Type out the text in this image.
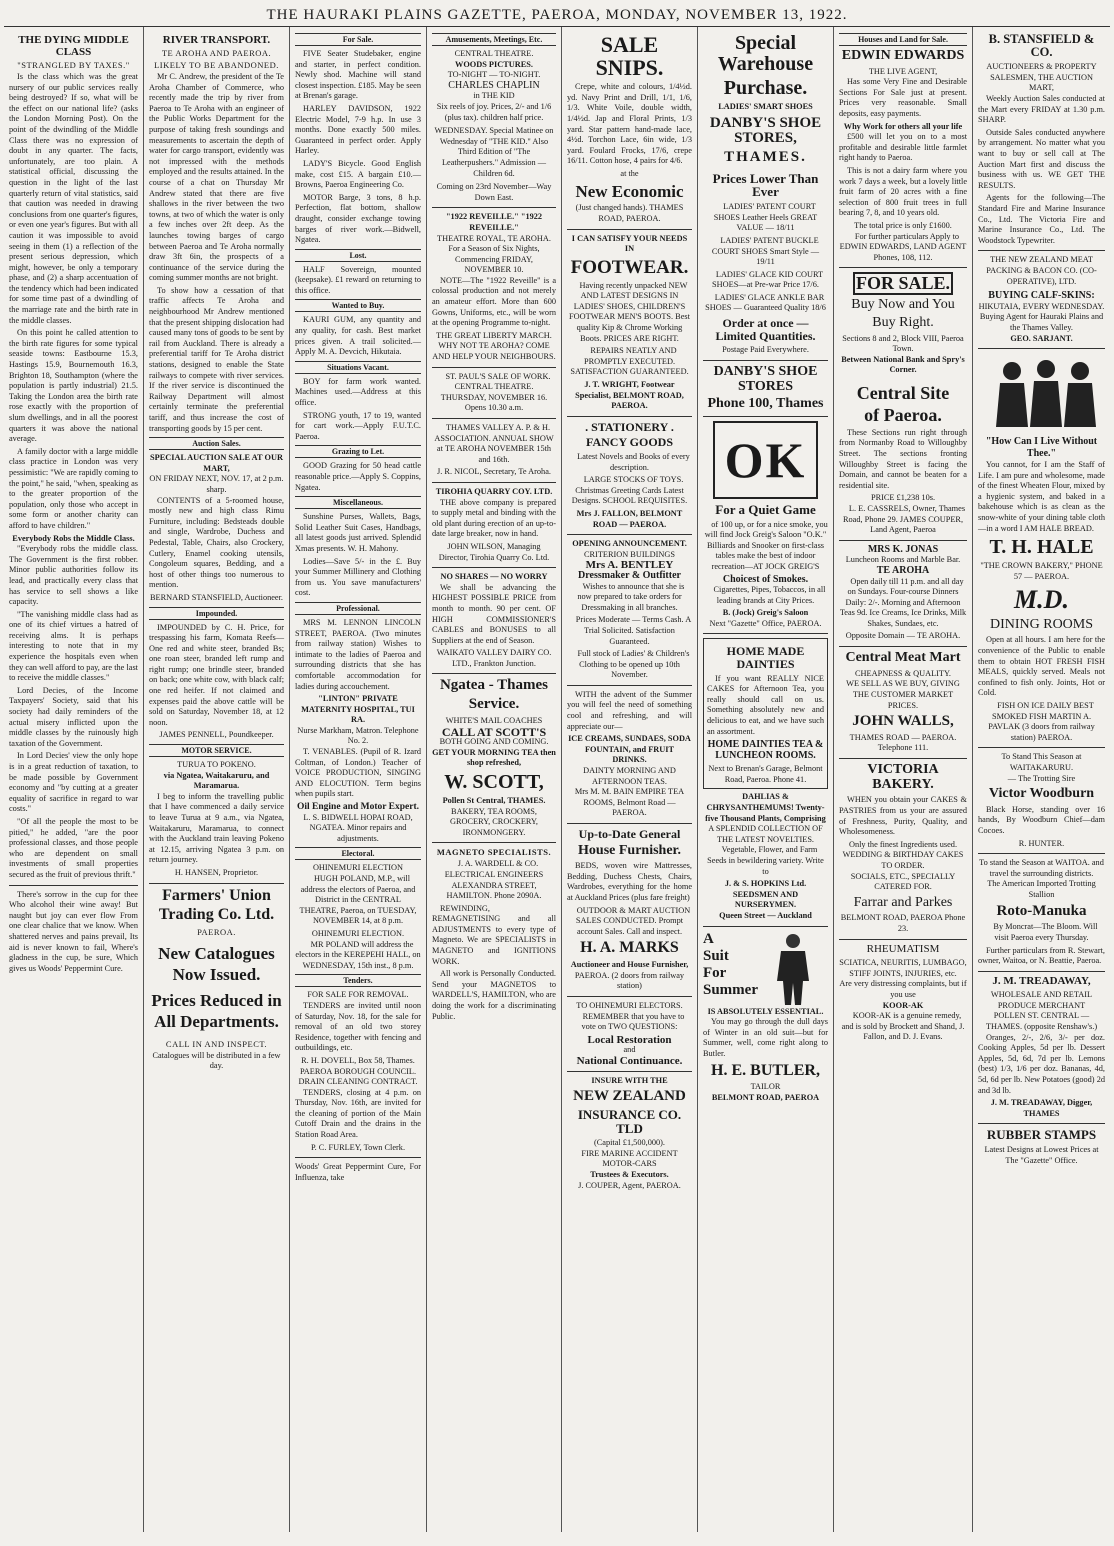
THE HAURAKI PLAINS GAZETTE, PAEROA, MONDAY, NOVEMBER 13, 1922.
THE DYING MIDDLE CLASS
"STRANGLED BY TAXES."

Is the class which was the great nursery of our public services really being destroyed? If so, what will be the effect on our national life? (asks the London Morning Post). On the point of the dwindling of the Middle Class there was no expression of doubt in any quarter. The facts, unfortunately, are too plain. A statistical official, discussing the question in the light of the last quarterly return of vital statistics, said that caution was needed in drawing conclusions from one quarter's figures, or even one year's figures. But with all caution it was impossible to avoid seeing in them (1) a reflection of the present serious depression, which might, however, be only a temporary phase, and (2) a sharp accentuation of the tendency which had been indicated for some time past of a dwindling of the marriage rate and the birth rate in the middle classes.

On this point he called attention to the birth rate figures for some typical seaside towns: Eastbourne 15.3, Hastings 15.9, Bournemouth 16.3, Brighton 18, Southampton (where the population is partly industrial) 21.5. Taking the London area the birth rate rose exactly with the proportion of slum dwellings, and in all the poorest quarters it was above the national average.

A family doctor with a large middle class practice in London was very pessimistic: "We are rapidly coming to the point," he said, "when, speaking as to the greater proportion of the population, only those who accept in some form or another charity can afford to have children."

Everybody Robs the Middle Class.

"Everybody robs the middle class. The Government is the first robber. Minor public authorities follow its lead, and practically every class that has service to sell shows a like capacity.

"The vanishing middle class had as one of its chief virtues a hatred of receiving alms. It is perhaps interesting to note that in my experience the hospitals even when they can well afford to pay, are the last to receive the middle classes."

Lord Decies, of the Income Taxpayers' Society, said that his society had daily reminders of the actual misery inflicted upon the middle classes by the ruinously high taxation of the Government.

In Lord Decies' view the only hope is in a great reduction of taxation, to be made possible by Government economy and "by cutting at a greater equality of sacrifice in regard to war costs."

"Of all the people the most to be pitied," he added, "are the poor professional classes, and those people who are dependent on small investments of small properties secured as the fruit of previous thrift."

There's sorrow in the cup for thee Who alcohol their wine away! But naught but joy can ever flow From one clear chalice that we know. When shattered nerves and pains prevail, Its aid is never known to fail, Where's gladness in the cup, be sure, Which gives us Woods' Peppermint Cure.

RIVER TRANSPORT.
TE AROHA AND PAEROA.
LIKELY TO BE ABANDONED.

Mr C. Andrew, the president of the Te Aroha Chamber of Commerce, who recently made the trip by river from Paeroa to Te Aroha with an engineer of the Public Works Department for the purpose of taking fresh soundings and measurements to ascertain the depth of water for cargo transport, evidently was not impressed with the methods employed and the results attained. In the course of a chat on Thursday Mr Andrew stated that there are five shallows in the river between the two towns, at two of which the water is only a few inches over 2ft deep. As the launches towing barges of cargo between Paeroa and Te Aroha normally draw 3ft 6in, the prospects of a continuance of the service during the coming summer months are not bright.

To show how a cessation of that traffic affects Te Aroha and neighbourhood Mr Andrew mentioned that the present shipping dislocation had caused many tons of goods to be sent by rail from Auckland. There is already a preferential tariff for Te Aroha district stations, designed to enable the State railways to compete with river services. If the river service is discontinued the Railway Department will almost certainly terminate the preferential tariff, and thus increase the cost of transporting goods by 15 per cent.

Auction Sales.
SPECIAL AUCTION SALE AT OUR MART,
ON FRIDAY NEXT, NOV. 17, at 2 p.m. sharp.

CONTENTS of a 5-roomed house, mostly new and high class Rimu Furniture, including: Bedsteads double and single, Wardrobe, Duchess and Pedestal, Table, Chairs, also Crockery, Cutlery, Enamel cooking utensils, Congoleum squares, Bedding, and a host of other things too numerous to mention.

BERNARD STANSFIELD, Auctioneer.
Impounded.

IMPOUNDED by C. H. Price, for trespassing his farm, Komata Reefs—One red and white steer, branded Bs; one roan steer, branded left rump and right rump; one brindle steer, branded on back; one white cow, with black calf; one red heifer. If not claimed and expenses paid the above cattle will be sold on Saturday, November 18, at 12 noon.

JAMES PENNELL, Poundkeeper.
MOTOR SERVICE.
TURUA TO POKENO.
via Ngatea, Waitakaruru, and Maramarua.

I beg to inform the travelling public that I have commenced a daily service to leave Turua at 9 a.m., via Ngatea, Waitakaruru, Maramarua, to connect with the Auckland train leaving Pokeno at 12.15, arriving Ngatea 3 p.m. on return journey.

H. HANSEN, Proprietor.
Farmers' Union
Trading Co. Ltd.
PAEROA.
New Catalogues
Now Issued.
Prices Reduced in
All Departments.
CALL IN AND INSPECT.
Catalogues will be distributed in a few day.
For Sale.

FIVE Seater Studebaker, engine and starter, in perfect condition. Newly shod. Machine will stand closest inspection. £185. May be seen at Brenan's garage.

HARLEY DAVIDSON, 1922 Electric Model, 7-9 h.p. In use 3 months. Done exactly 500 miles. Guaranteed in perfect order. Apply Harley.

LADY'S Bicycle. Good English make, cost £15. A bargain £10.—Browns, Paeroa Engineering Co.

MOTOR Barge, 3 tons, 8 h.p. Perfection, flat bottom, shallow draught, consider exchange towing barges of river work.—Bidwell, Ngatea.

Lost.

HALF Sovereign, mounted (keepsake). £1 reward on returning to this office.

Wanted to Buy.

KAURI GUM, any quantity and any quality, for cash. Best market prices given. A trail solicited.—Apply M. A. Devcich, Hikutaia.

Situations Vacant.

BOY for farm work wanted. Machines used.—Address at this office.

STRONG youth, 17 to 19, wanted for cart work.—Apply F.U.T.C. Paeroa.

Grazing to Let.

GOOD Grazing for 50 head cattle reasonable price.—Apply S. Coppins, Ngatea.

Miscellaneous.

Sunshine Purses, Wallets, Bags, Solid Leather Suit Cases, Handbags, all latest goods just arrived. Splendid Xmas presents. W. H. Mahony.

Lodies—Save 5/- in the £. Buy your Summer Millinery and Clothing from us. You save manufacturers' cost.

Professional.

MRS M. LENNON LINCOLN STREET, PAEROA. (Two minutes from railway station) Wishes to intimate to the ladies of Paeroa and surrounding districts that she has comfortable accommodation for ladies during accouchement.

"LINTON" PRIVATE MATERNITY HOSPITAL, TUI RA.
Nurse Markham, Matron. Telephone No. 2.

T. VENABLES. (Pupil of R. Izard Coltman, of London.) Teacher of VOICE PRODUCTION, SINGING AND ELOCUTION. Term begins when pupils start.

Oil Engine and Motor Expert.
L. S. BIDWELL HOPAI ROAD, NGATEA. Minor repairs and adjustments.
Electoral.
OHINEMURI ELECTION

HUGH POLAND, M.P., will address the electors of Paeroa, and District in the CENTRAL THEATRE, Paeroa, on TUESDAY, NOVEMBER 14, at 8 p.m.

OHINEMURI ELECTION.

MR POLAND will address the electors in the KEREPEHI HALL, on WEDNESDAY, 15th inst., 8 p.m.

Tenders.
FOR SALE FOR REMOVAL.

TENDERS are invited until noon of Saturday, Nov. 18, for the sale for removal of an old two storey Residence, together with fencing and outbuildings, etc.

R. H. DOVELL, Box 58, Thames.
PAEROA BOROUGH COUNCIL.
DRAIN CLEANING CONTRACT.

TENDERS, closing at 4 p.m. on Thursday, Nov. 16th, are invited for the cleaning of portion of the Main Cutoff Drain and the drains in the Station Road Area.

P. C. FURLEY, Town Clerk.
Woods' Great Peppermint Cure, For Influenza, take
Amusements, Meetings, Etc.
CENTRAL THEATRE.
WOODS PICTURES.
TO-NIGHT — TO-NIGHT.
CHARLES CHAPLIN
in THE KID
Six reels of joy. Prices, 2/- and 1/6 (plus tax). children half price.
WEDNESDAY. Special Matinee on Wednesday of "THE KID." Also Third Edition of "The Leatherpushers." Admission — Children 6d.
Coming on 23rd November—Way Down East.
"1922 REVEILLE." "1922 REVEILLE."
THEATRE ROYAL, TE AROHA.
For a Season of Six Nights, Commencing FRIDAY, NOVEMBER 10.

NOTE—The "1922 Reveille" is a colossal production and not merely an amateur effort. More than 600 Gowns, Uniforms, etc., will be worn at the opening Programme to-night.

THE GREAT LIBERTY MARCH.
WHY NOT TE AROHA? COME AND HELP YOUR NEIGHBOURS.

ST. PAUL'S SALE OF WORK. CENTRAL THEATRE. THURSDAY, NOVEMBER 16. Opens 10.30 a.m.

THAMES VALLEY A. P. & H. ASSOCIATION. ANNUAL SHOW at TE AROHA NOVEMBER 15th and 16th.

J. R. NICOL, Secretary, Te Aroha.
TIROHIA QUARRY COY. LTD.

THE above company is prepared to supply metal and binding with the old plant during erection of an up-to-date large breaker, now in hand.

JOHN WILSON, Managing Director, Tirohia Quarry Co. Ltd.
NO SHARES — NO WORRY

We shall be advancing the HIGHEST POSSIBLE PRICE from month to month. 90 per cent. OF HIGH COMMISSIONER'S CABLES and BONUSES to all Suppliers at the end of Season.

WAIKATO VALLEY DAIRY CO. LTD., Frankton Junction.
Ngatea - Thames
Service.
WHITE'S MAIL COACHES
CALL AT SCOTT'S
BOTH GOING AND COMING.
GET YOUR MORNING TEA then shop refreshed,
W. SCOTT,
Pollen St Central, THAMES.
BAKERY, TEA ROOMS, GROCERY, CROCKERY, IRONMONGERY.
MAGNETO SPECIALISTS.

J. A. WARDELL & CO. ELECTRICAL ENGINEERS ALEXANDRA STREET, HAMILTON. Phone 2090A.

REWINDING, REMAGNETISING and all ADJUSTMENTS to every type of Magneto. We are SPECIALISTS in MAGNETO and IGNITIONS WORK.

All work is Personally Conducted. Send your MAGNETOS to WARDELL'S, HAMILTON, who are doing the work for a discriminating Public.

SALE SNIPS.

Crepe, white and colours, 1/4½d. yd. Navy Print and Drill, 1/1, 1/6, 1/3. White Voile, double width, 1/4½d. Jap and Floral Prints, 1/3 yard. Star pattern hand-made lace, 4½d. Torchon Lace, 6in wide, 1/3 yard. Foulard Frocks, 17/6, crepe 16/11. Cotton hose, 4 pairs for 4/6.

at the
New Economic
(Just changed hands). THAMES ROAD, PAEROA.
I CAN SATISFY YOUR NEEDS IN
FOOTWEAR.

Having recently unpacked NEW AND LATEST DESIGNS IN LADIES' SHOES, CHILDREN'S FOOTWEAR MEN'S BOOTS. Best quality Kip & Chrome Working Boots. PRICES ARE RIGHT.

REPAIRS NEATLY AND PROMPTLY EXECUTED. SATISFACTION GUARANTEED.

J. T. WRIGHT, Footwear Specialist, BELMONT ROAD, PAEROA.
. STATIONERY .
FANCY GOODS

Latest Novels and Books of every description.

LARGE STOCKS OF TOYS. Christmas Greeting Cards Latest Designs. SCHOOL REQUISITES.

Mrs J. FALLON, BELMONT ROAD — PAEROA.
OPENING ANNOUNCEMENT.
CRITERION BUILDINGS
Mrs A. BENTLEY
Dressmaker & Outfitter

Wishes to announce that she is now prepared to take orders for Dressmaking in all branches.

Prices Moderate — Terms Cash. A Trial Solicited. Satisfaction Guaranteed.

Full stock of Ladies' & Children's Clothing to be opened up 10th November.

WITH the advent of the Summer you will feel the need of something cool and refreshing, and will appreciate our—

ICE CREAMS, SUNDAES, SODA FOUNTAIN, and FRUIT DRINKS.
DAINTY MORNING AND AFTERNOON TEAS.
Mrs M. M. BAIN EMPIRE TEA ROOMS, Belmont Road — PAEROA.
Up-to-Date General
House Furnisher.

BEDS, woven wire Mattresses, Bedding, Duchess Chests, Chairs, Wardrobes, everything for the home at Auckland Prices (plus fare freight)

OUTDOOR & MART AUCTION SALES CONDUCTED. Prompt account Sales. Call and inspect.

H. A. MARKS
Auctioneer and House Furnisher,
PAEROA. (2 doors from railway station)
TO OHINEMURI ELECTORS.

REMEMBER that you have to vote on TWO QUESTIONS:

Local Restoration
and
National Continuance.
INSURE WITH THE
NEW ZEALAND
INSURANCE CO. TLD
(Capital £1,500,000).
FIRE MARINE ACCIDENT MOTOR-CARS
Trustees & Executors.
J. COUPER, Agent, PAEROA.
Special Warehouse
Purchase.
LADIES' SMART SHOES
DANBY'S SHOE STORES,
THAMES.
Prices Lower Than Ever

LADIES' PATENT COURT SHOES Leather Heels GREAT VALUE — 18/11

LADIES' PATENT BUCKLE COURT SHOES Smart Style — 19/11

LADIES' GLACE KID COURT SHOES—at Pre-war Price 17/6.

LADIES' GLACE ANKLE BAR SHOES — Guaranteed Quality 18/6

Order at once — Limited Quantities.
Postage Paid Everywhere.
DANBY'S SHOE STORES
Phone 100, Thames
OK
For a Quiet Game

of 100 up, or for a nice smoke, you will find Jock Greig's Saloon "O.K." Billiards and Snooker on first-class tables make the best of indoor recreation—AT JOCK GREIG'S

Choicest of Smokes.

Cigarettes, Pipes, Tobaccos, in all leading brands at City Prices.

B. (Jock) Greig's Saloon
Next "Gazette" Office, PAEROA.
HOME MADE DAINTIES

If you want REALLY NICE CAKES for Afternoon Tea, you really should call on us. Something absolutely new and delicious to eat, and we have such an assortment.

HOME DAINTIES TEA & LUNCHEON ROOMS.
Next to Brenan's Garage, Belmont Road, Paeroa. Phone 41.
DAHLIAS & CHRYSANTHEMUMS! Twenty-five Thousand Plants, Comprising
A SPLENDID COLLECTION OF THE LATEST NOVELTIES.

Vegetable, Flower, and Farm Seeds in bewildering variety. Write to

J. & S. HOPKINS Ltd. SEEDSMEN AND NURSERYMEN.
Queen Street — Auckland
A
Suit
For
Summer
IS ABSOLUTELY ESSENTIAL.

You may go through the dull days of Winter in an old suit—but for Summer, well, come right along to Butler.

H. E. BUTLER,
TAILOR
BELMONT ROAD, PAEROA
Houses and Land for Sale.
EDWIN EDWARDS
THE LIVE AGENT,

Has some Very Fine and Desirable Sections For Sale just at present. Prices very reasonable. Small deposits, easy payments.

Why Work for others all your life

£500 will let you on to a most profitable and desirable little farmlet right handy to Paeroa.

This is not a dairy farm where you work 7 days a week, but a lovely little fruit farm of 20 acres with a fine selection of 800 fruit trees in full bearing 7, 8, and 10 years old.

The total price is only £1600.

For further particulars Apply to EDWIN EDWARDS, LAND AGENT Phones, 108, 112.

FOR SALE.
Buy Now and You
Buy Right.
Sections 8 and 2, Block VIII, Paeroa Town.
Between National Bank and Spry's Corner.
Central Site
of Paeroa.

These Sections run right through from Normanby Road to Willoughby Street. The sections fronting Willoughby Street is facing the Domain, and cannot be beaten for a residential site.

PRICE £1,238 10s.

L. E. CASSRELS, Owner, Thames Road, Phone 29. JAMES COUPER, Land Agent, Paeroa

MRS K. JONAS
Luncheon Rooms and Marble Bar.
TE AROHA

Open daily till 11 p.m. and all day on Sundays. Four-course Dinners Daily: 2/-. Morning and Afternoon Teas 9d. Ice Creams, Ice Drinks, Milk Shakes, Sundaes, etc.

Opposite Domain — TE AROHA.
Central Meat Mart
CHEAPNESS & QUALITY.
WE SELL AS WE BUY, GIVING THE CUSTOMER MARKET PRICES.
JOHN WALLS,
THAMES ROAD — PAEROA. Telephone 111.
VICTORIA BAKERY.

WHEN you obtain your CAKES & PASTRIES from us your are assured of Freshness, Purity, Quality, and Wholesomeness.

Only the finest Ingredients used.
WEDDING & BIRTHDAY CAKES TO ORDER.
SOCIALS, ETC., SPECIALLY CATERED FOR.
Farrar and Parkes
BELMONT ROAD, PAEROA Phone 23.
RHEUMATISM
SCIATICA, NEURITIS, LUMBAGO, STIFF JOINTS, INJURIES, etc.
Are very distressing complaints, but if you use
KOOR-AK

KOOR-AK is a genuine remedy, and is sold by Brockett and Shand, J. Fallon, and D. J. Evans.

B. STANSFIELD & CO.
AUCTIONEERS & PROPERTY SALESMEN, THE AUCTION MART,

Weekly Auction Sales conducted at the Mart every FRIDAY at 1.30 p.m. SHARP.

Outside Sales conducted anywhere by arrangement. No matter what you want to buy or sell call at The Auction Mart first and discuss the business with us. WE GET THE RESULTS.

Agents for the following—The Standard Fire and Marine Insurance Co., Ltd. The Victoria Fire and Marine Insurance Co., Ltd. The Woodstock Typewriter.

THE NEW ZEALAND MEAT PACKING & BACON CO. (CO-OPERATIVE), LTD.
BUYING CALF-SKINS:
HIKUTAIA, EVERY WEDNESDAY.
Buying Agent for Hauraki Plains and the Thames Valley.
GEO. SARJANT.
"How Can I Live Without Thee."

You cannot, for I am the Staff of Life. I am pure and wholesome, made of the finest Wheaten Flour, mixed by a hygienic system, and baked in a bakehouse which is as clean as the snow-white of your dining table cloth—in a word I AM HALE BREAD.

T. H. HALE
"THE CROWN BAKERY," PHONE 57 — PAEROA.
M.D.
DINING ROOMS

Open at all hours. I am here for the convenience of the Public to enable them to obtain HOT FRESH FISH MEALS, quickly served. Meals not confined to fish only. Joints, Hot or Cold.

FISH ON ICE DAILY BEST SMOKED FISH MARTIN A. PAVLAK (3 doors from railway station) PAEROA.

To Stand This Season at WAITAKARURU.
— The Trotting Sire
Victor Woodburn

Black Horse, standing over 16 hands, By Woodburn Chief—dam Cocoes.

R. HUNTER.
To stand the Season at WAITOA. and travel the surrounding districts.
The American Imported Trotting Stallion
Roto-Manuka

By Moncrat—The Bloom. Will visit Paeroa every Thursday.

Further particulars from R. Stewart, owner, Waitoa, or N. Beattie, Paeroa.

J. M. TREADAWAY,
WHOLESALE AND RETAIL PRODUCE MERCHANT
POLLEN ST. CENTRAL — THAMES. (opposite Renshaw's.)

Oranges, 2/-, 2/6, 3/- per doz. Cooking Apples, 5d per lb. Dessert Apples, 5d, 6d, 7d per lb. Lemons (best) 1/3, 1/6 per doz. Bananas, 4d, 5d, 6d per lb. New Potatoes (good) 2d and 3d lb.

J. M. TREADAWAY, Digger, THAMES
RUBBER STAMPS
Latest Designs at Lowest Prices at The "Gazette" Office.
